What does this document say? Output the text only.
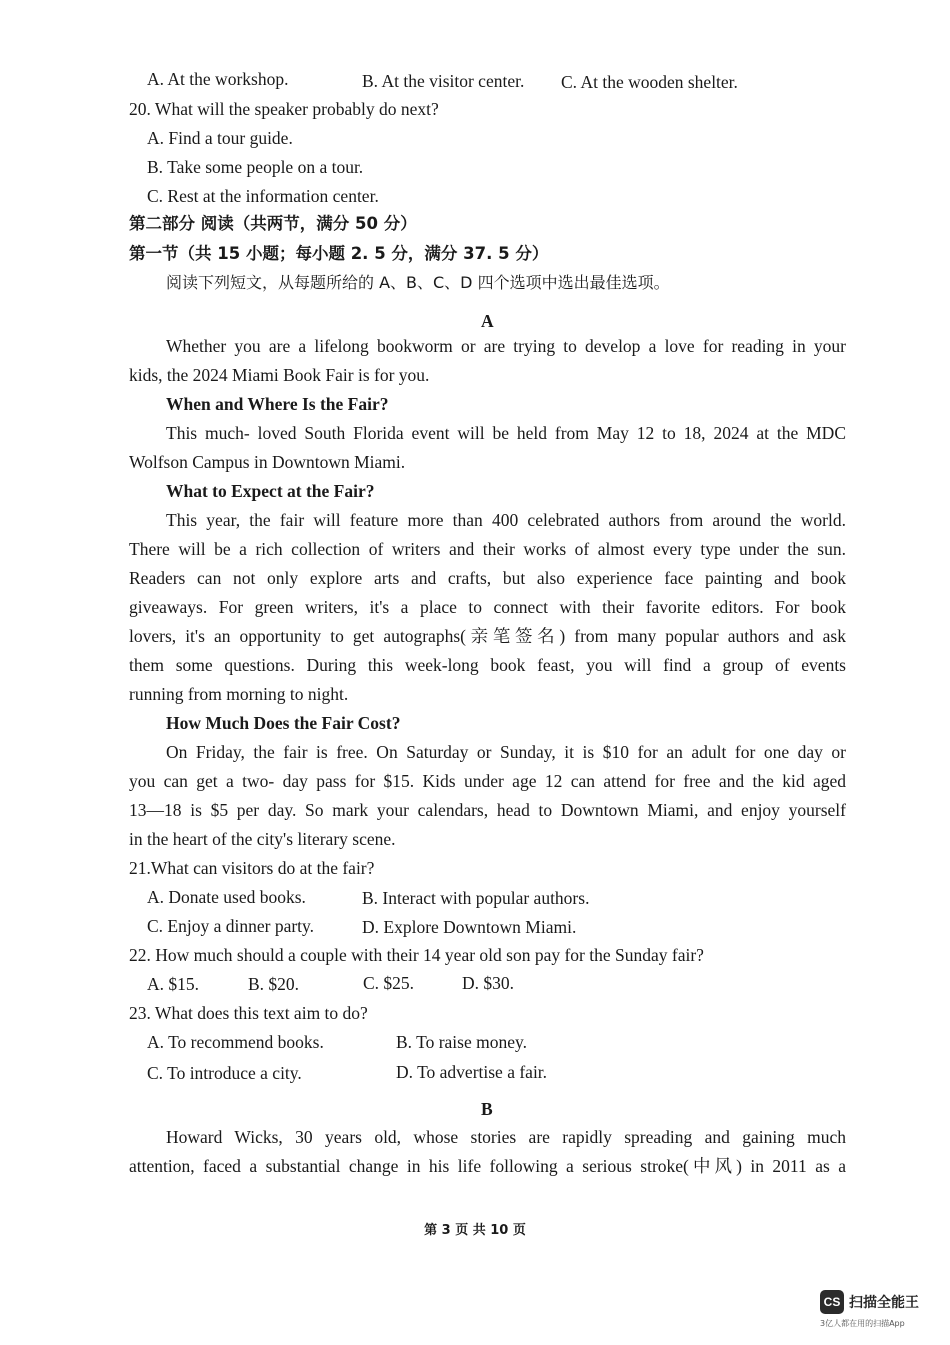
A. At the workshop.	B. At the visitor center. C. At the wooden shelter.
20. What will the speaker probably do next?
A. Find a tour guide.
B. Take some people on a tour.
C. Rest at the information center.
第二部分 阅读（共两节，满分 50 分）
第一节（共 15 小题；每小题 2. 5 分，满分 37. 5 分）
阅读下列短文，从每题所给的 A、B、C、D 四个选项中选出最佳选项。
A
Whether you are a lifelong bookworm or are trying to develop a love for reading in your
kids, the 2024 Miami Book Fair is for you.
When and Where Is the Fair?
This much- loved South Florida event will be held from May 12 to 18, 2024 at the MDC
Wolfson Campus in Downtown Miami.
What to Expect at the Fair?
This year, the fair will feature more than 400 celebrated authors from around the world.
There will be a rich collection of writers and their works of almost every type under the sun.
Readers can not only explore arts and crafts, but also experience face painting and book
giveaways. For green writers, it's a place to connect with their favorite editors. For book
lovers, it's an opportunity to get autographs(亲笔签名) from many popular authors and ask
them some questions. During this week-long book feast, you will find a group of events
running from morning to night.
How Much Does the Fair Cost?
On Friday, the fair is free. On Saturday or Sunday, it is $10 for an adult for one day or
you can get a two- day pass for $15. Kids under age 12 can attend for free and the kid aged
13—18 is $5 per day. So mark your calendars, head to Downtown Miami, and enjoy yourself
in the heart of the city's literary scene.
21.What can visitors do at the fair?
A. Donate used books.	B. Interact with popular authors.
C. Enjoy a dinner party.	D. Explore Downtown Miami.
22. How much should a couple with their 14 year old son pay for the Sunday fair?
A. $15.	B. $20.	C. $25.	D. $30.
23. What does this text aim to do?
A. To recommend books.	B. To raise money.
C. To introduce a city.	D. To advertise a fair.
B
Howard Wicks, 30 years old, whose stories are rapidly spreading and gaining much
attention, faced a substantial change in his life following a serious stroke(中风) in 2011 as a
第 3 页 共 10 页
CS 扫描全能王
3亿人都在用的扫描App
